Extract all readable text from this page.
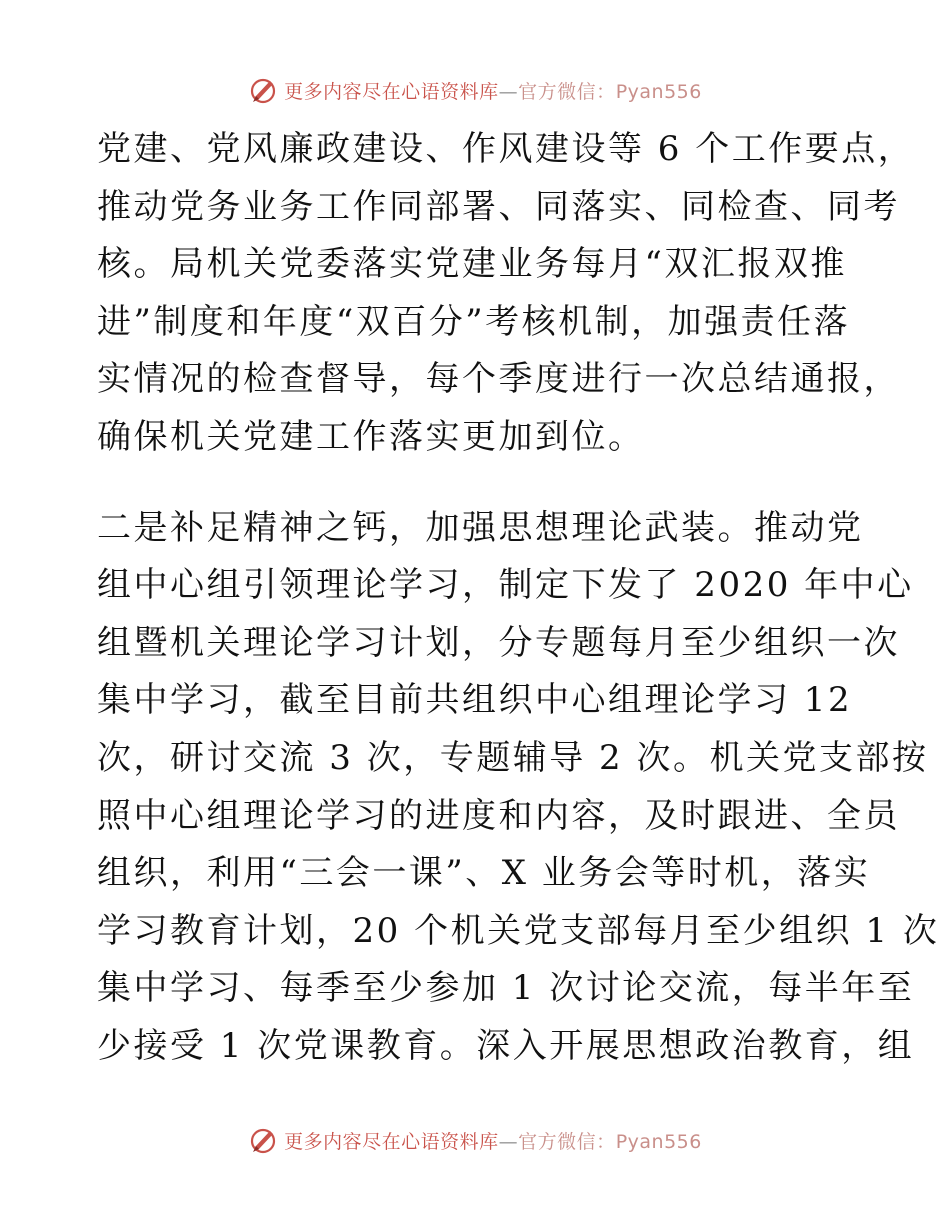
更多内容尽在心语资料库—官方微信：Pyan556
党建、党风廉政建设、作风建设等 6 个工作要点，
推动党务业务工作同部署、同落实、同检查、同考
核。局机关党委落实党建业务每月“双汇报双推
进”制度和年度“双百分”考核机制，加强责任落
实情况的检查督导，每个季度进行一次总结通报，
确保机关党建工作落实更加到位。
二是补足精神之钙，加强思想理论武装。推动党
组中心组引领理论学习，制定下发了 2020 年中心
组暨机关理论学习计划，分专题每月至少组织一次
集中学习，截至目前共组织中心组理论学习 12
次，研讨交流 3 次，专题辅导 2 次。机关党支部按
照中心组理论学习的进度和内容，及时跟进、全员
组织，利用“三会一课”、X 业务会等时机，落实
学习教育计划，20 个机关党支部每月至少组织 1 次
集中学习、每季至少参加 1 次讨论交流，每半年至
少接受 1 次党课教育。深入开展思想政治教育，组
更多内容尽在心语资料库—官方微信：Pyan556
